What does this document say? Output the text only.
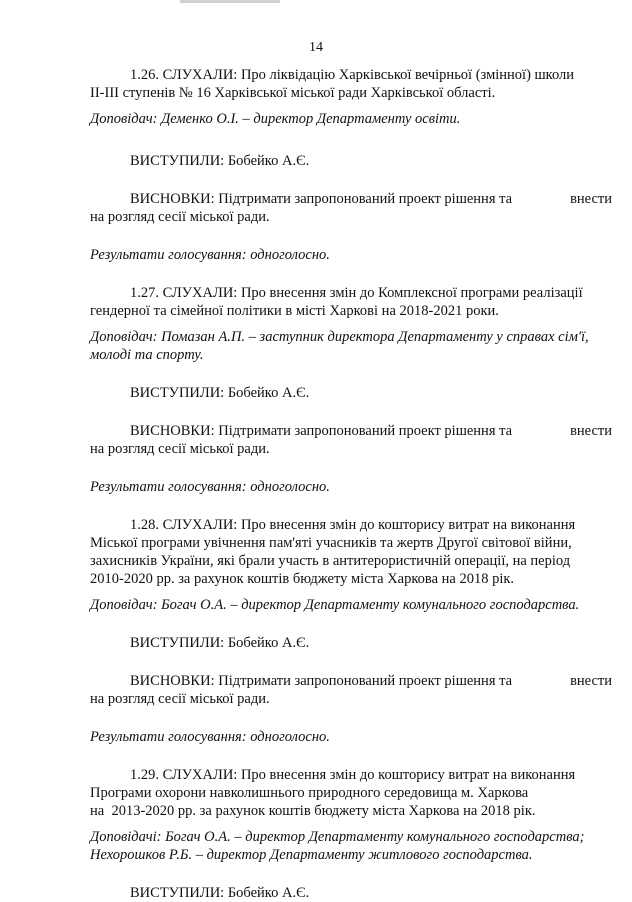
14
1.26. СЛУХАЛИ: Про ліквідацію Харківської вечірньої (змінної) школи
ІІ-ІІІ ступенів № 16 Харківської міської ради Харківської області.
Доповідач: Деменко О.І. – директор Департаменту освіти.
ВИСТУПИЛИ: Бобейко А.Є.
ВИСНОВКИ: Підтримати запропонований проект рішення та	внести
на розгляд сесії міської ради.
Результати голосування: одноголосно.
1.27. СЛУХАЛИ: Про внесення змін до Комплексної програми реалізації
гендерної та сімейної політики в місті Харкові на 2018-2021 роки.
Доповідач: Помазан А.П. – заступник директора Департаменту у справах сім'ї,
молоді та спорту.
ВИСТУПИЛИ: Бобейко А.Є.
ВИСНОВКИ: Підтримати запропонований проект рішення та	внести
на розгляд сесії міської ради.
Результати голосування: одноголосно.
1.28. СЛУХАЛИ: Про внесення змін до кошторису витрат на виконання
Міської програми увічнення пам'яті учасників та жертв Другої світової війни,
захисників України, які брали участь в антитерористичній операції, на період
2010-2020 рр. за рахунок коштів бюджету міста Харкова на 2018 рік.
Доповідач: Богач О.А. – директор Департаменту комунального господарства.
ВИСТУПИЛИ: Бобейко А.Є.
ВИСНОВКИ: Підтримати запропонований проект рішення та	внести
на розгляд сесії міської ради.
Результати голосування: одноголосно.
1.29. СЛУХАЛИ: Про внесення змін до кошторису витрат на виконання
Програми охорони навколишнього природного середовища м. Харкова
на  2013-2020 рр. за рахунок коштів бюджету міста Харкова на 2018 рік.
Доповідачі: Богач О.А. – директор Департаменту комунального господарства;
Нехорошков Р.Б. – директор Департаменту житлового господарства.
ВИСТУПИЛИ: Бобейко А.Є.
